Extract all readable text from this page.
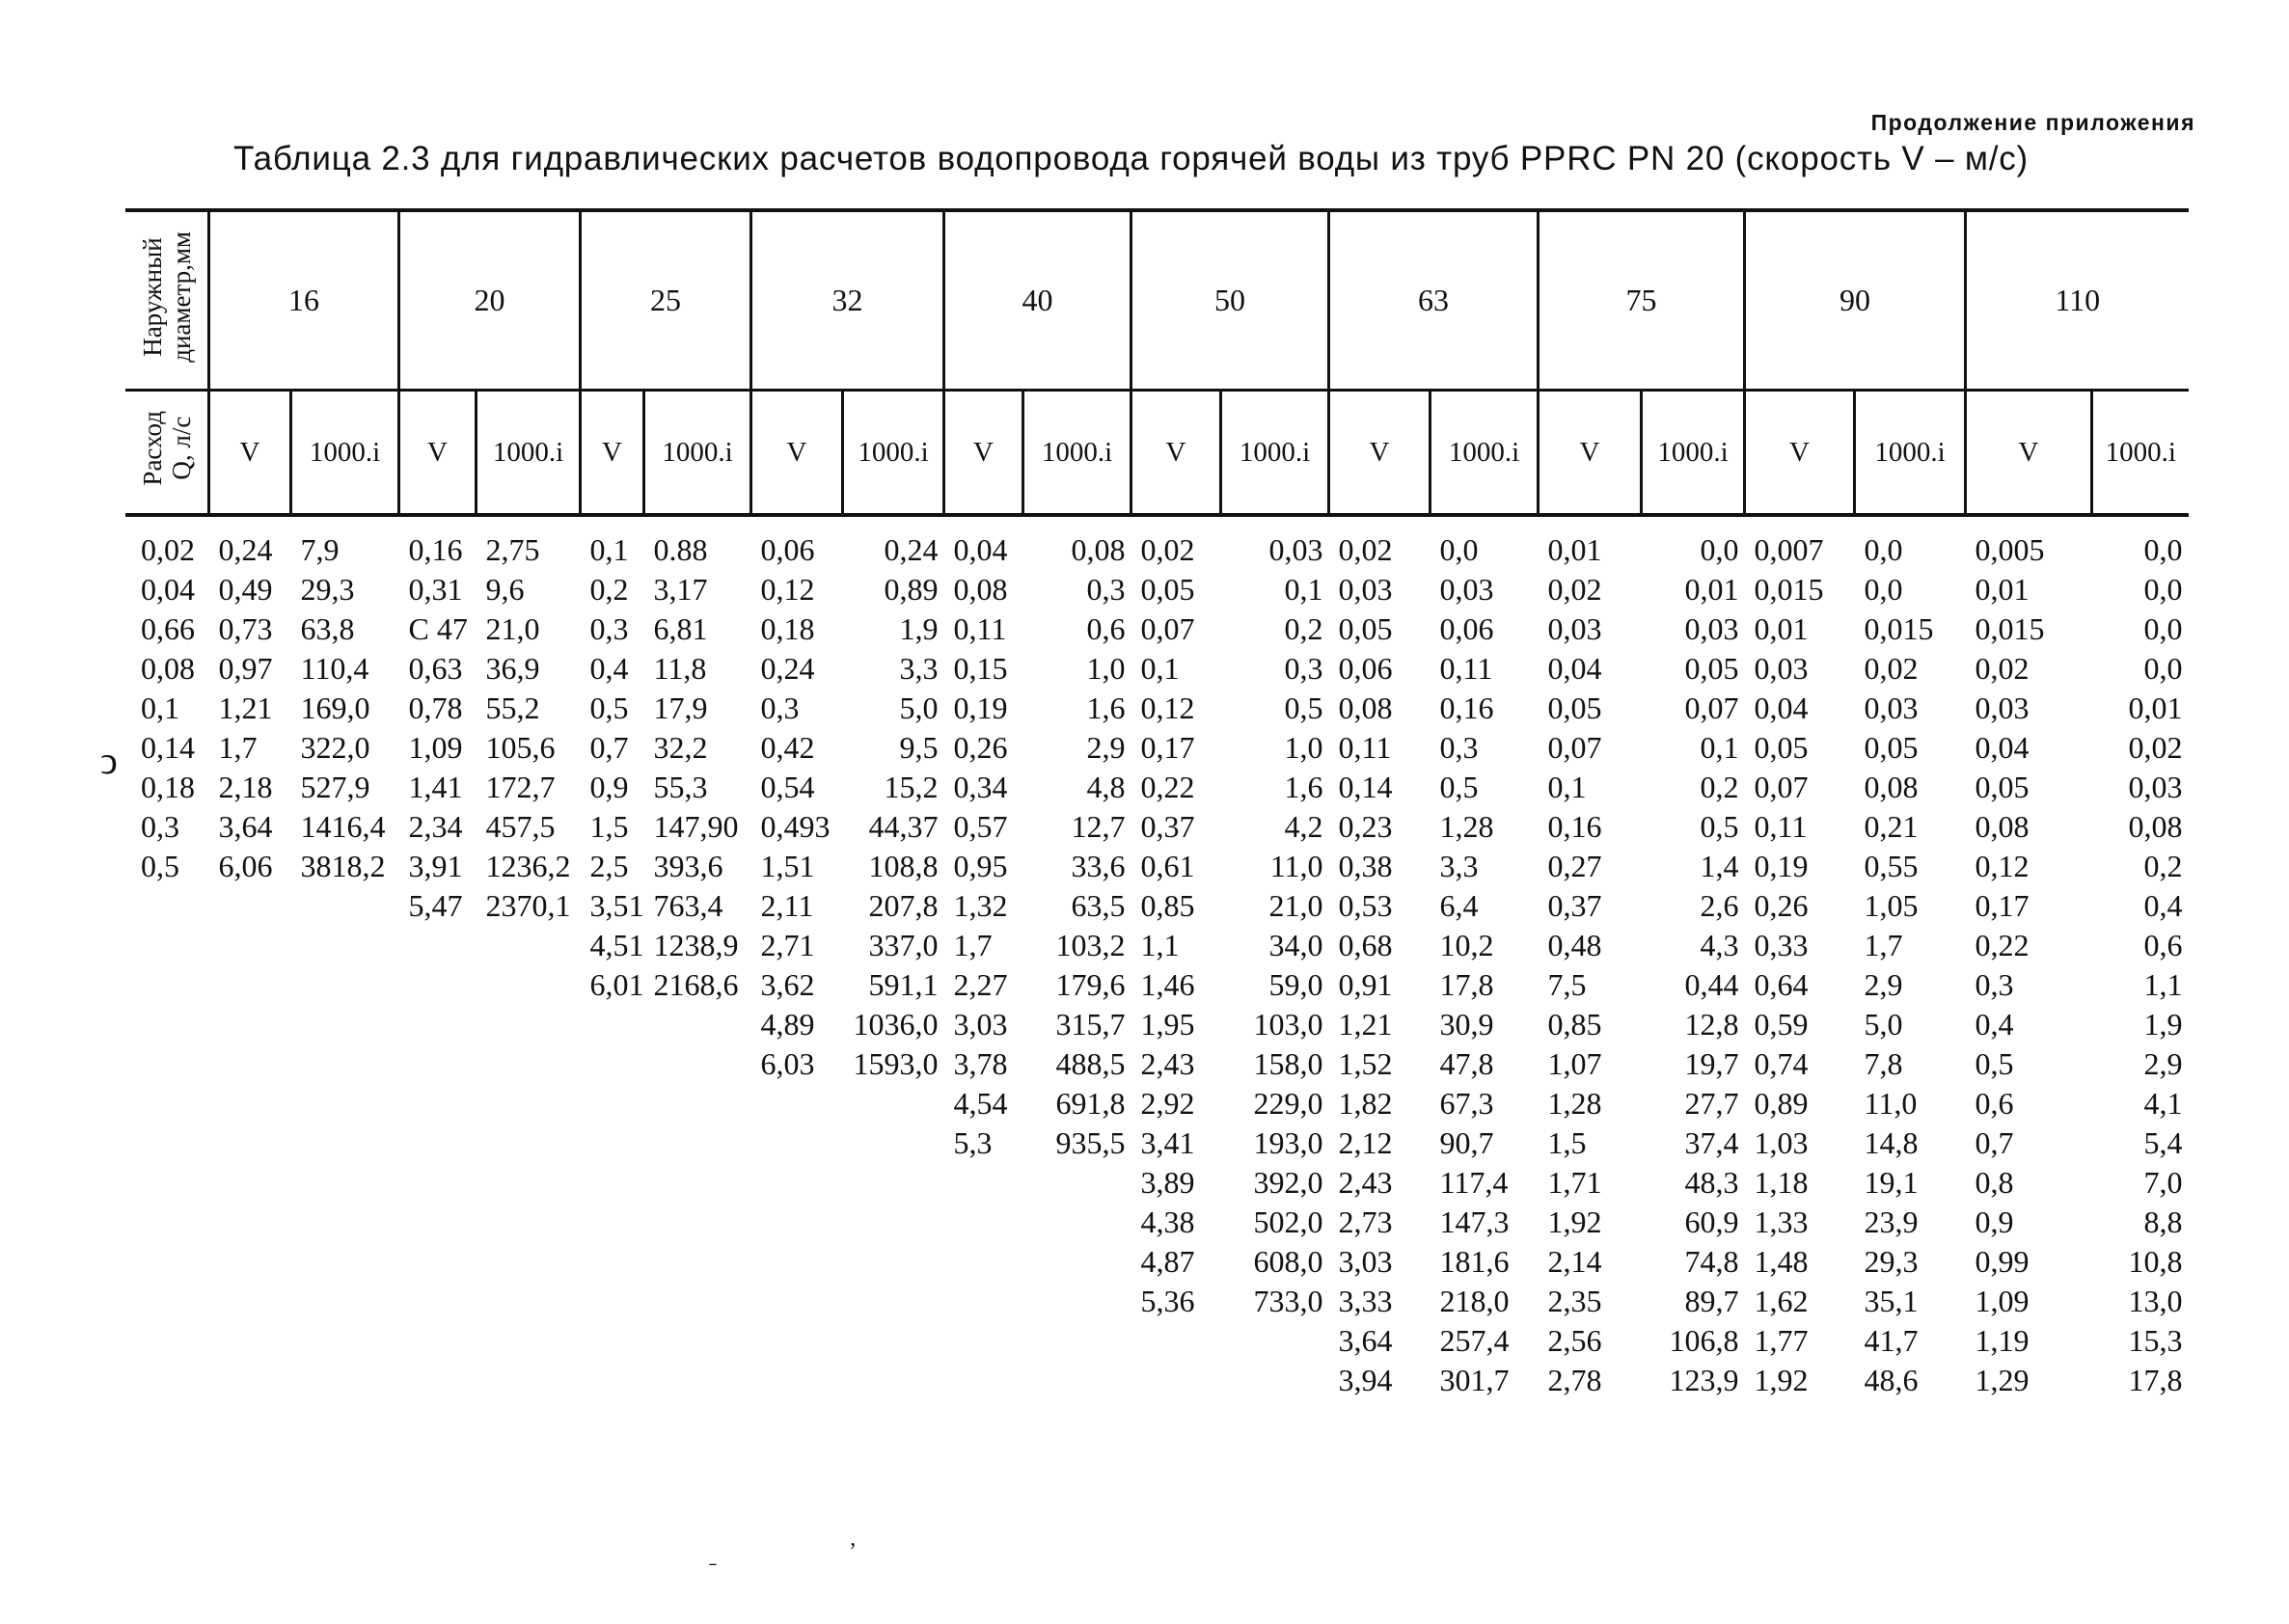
Продолжение приложения
Таблица 2.3 для гидравлических расчетов водопровода горячей воды из труб PPRC PN 20 (скорость V – м/с)
ͻ
ˍ	ʼ
Наружный
диаметр,мм	16		20		25		32		40		50		63		75		90		110	
Расход
Q, л/с	V	1000.i	V	1000.i	V	1000.i	V	1000.i	V	1000.i	V	1000.i	V	1000.i	V	1000.i	V	1000.i	V	1000.i
0,02	0,24	7,9	0,16	2,75	0,1	0.88	0,06	0,24	0,04	0,08	0,02	0,03	0,02	0,0	0,01	0,0	0,007	0,0	0,005	0,0
0,04	0,49	29,3	0,31	9,6	0,2	3,17	0,12	0,89	0,08	0,3	0,05	0,1	0,03	0,03	0,02	0,01	0,015	0,0	0,01	0,0
0,66	0,73	63,8	С 47	21,0	0,3	6,81	0,18	1,9	0,11	0,6	0,07	0,2	0,05	0,06	0,03	0,03	0,01	0,015	0,015	0,0
0,08	0,97	110,4	0,63	36,9	0,4	11,8	0,24	3,3	0,15	1,0	0,1	0,3	0,06	0,11	0,04	0,05	0,03	0,02	0,02	0,0
0,1	1,21	169,0	0,78	55,2	0,5	17,9	0,3	5,0	0,19	1,6	0,12	0,5	0,08	0,16	0,05	0,07	0,04	0,03	0,03	0,01
0,14	1,7	322,0	1,09	105,6	0,7	32,2	0,42	9,5	0,26	2,9	0,17	1,0	0,11	0,3	0,07	0,1	0,05	0,05	0,04	0,02
0,18	2,18	527,9	1,41	172,7	0,9	55,3	0,54	15,2	0,34	4,8	0,22	1,6	0,14	0,5	0,1	0,2	0,07	0,08	0,05	0,03
0,3	3,64	1416,4	2,34	457,5	1,5	147,90	0,493	44,37	0,57	12,7	0,37	4,2	0,23	1,28	0,16	0,5	0,11	0,21	0,08	0,08
0,5	6,06	3818,2	3,91	1236,2	2,5	393,6	1,51	108,8	0,95	33,6	0,61	11,0	0,38	3,3	0,27	1,4	0,19	0,55	0,12	0,2
			5,47	2370,1	3,51	763,4	2,11	207,8	1,32	63,5	0,85	21,0	0,53	6,4	0,37	2,6	0,26	1,05	0,17	0,4
					4,51	1238,9	2,71	337,0	1,7	103,2	1,1	34,0	0,68	10,2	0,48	4,3	0,33	1,7	0,22	0,6
					6,01	2168,6	3,62	591,1	2,27	179,6	1,46	59,0	0,91	17,8	7,5	0,44	0,64	2,9	0,3	1,1
							4,89	1036,0	3,03	315,7	1,95	103,0	1,21	30,9	0,85	12,8	0,59	5,0	0,4	1,9
							6,03	1593,0	3,78	488,5	2,43	158,0	1,52	47,8	1,07	19,7	0,74	7,8	0,5	2,9
									4,54	691,8	2,92	229,0	1,82	67,3	1,28	27,7	0,89	11,0	0,6	4,1
									5,3	935,5	3,41	193,0	2,12	90,7	1,5	37,4	1,03	14,8	0,7	5,4
											3,89	392,0	2,43	117,4	1,71	48,3	1,18	19,1	0,8	7,0
											4,38	502,0	2,73	147,3	1,92	60,9	1,33	23,9	0,9	8,8
											4,87	608,0	3,03	181,6	2,14	74,8	1,48	29,3	0,99	10,8
											5,36	733,0	3,33	218,0	2,35	89,7	1,62	35,1	1,09	13,0
													3,64	257,4	2,56	106,8	1,77	41,7	1,19	15,3
													3,94	301,7	2,78	123,9	1,92	48,6	1,29	17,8
